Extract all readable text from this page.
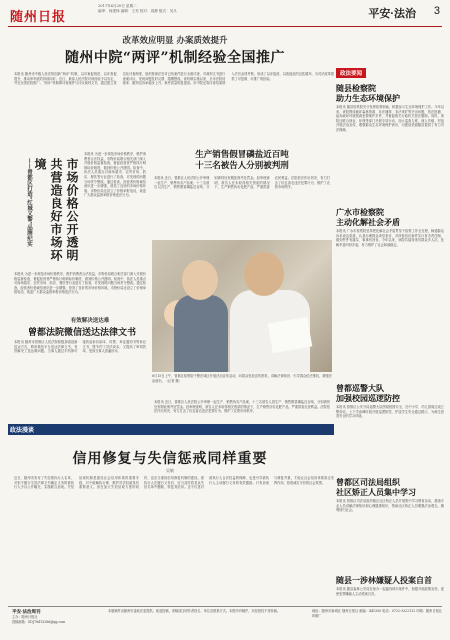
随州日报
2017年6月20日 星期二
编审：尚建林 编辑：王亮 校对：周静 版式：吴凡	平安·法治 3
改革效应明显 办案质效提升
随州中院“两评”机制经验全国推广
本报讯 随州市中级人民法院创新“两评”机制，以评案促规范、以评查促提升，推动审判质效持续向好。近日，最高人民法院对该经验予以肯定，并在全国法院推广。“两评”机制即评查案件与评议裁判文书，通过建立常态化评查制度，组织资深法官对已结案件进行全面评查，对裁判文书进行逐案评议，发现问题及时反馈、限期整改。该机制实施以来，全市法院结案率、服判息诉率稳步上升，案件质量明显提高。市中院还将评查结果纳入法官业绩考核，形成了以评促改、以改促优的良性循环，为司法改革提供了可复制、可推广的经验。
政法要闻
随县检察院
助力生态环境保护
本报讯 随县检察院充分发挥检察职能，积极参与生态环境保护工作。今年以来，该院围绕破坏森林资源、非法捕捞、非法采矿等突出问题，依法批捕、起诉破坏环境资源犯罪案件多件，并督促相关行政机关依法履职。同时，该院还联合林业、环保等部门开展专项行动，加大巡查力度，深入乡镇、村组开展法治宣传，增强群众生态环境保护意识，为建设美丽随县提供了有力司法保障。
广水市检察院
主动化解社会矛盾
本报讯 广水市检察院坚持把化解社会矛盾贯穿于检察工作全过程，畅通群众诉求表达渠道，认真办理群众来信来访，对涉检信访案件实行首办责任制，做到件件有落实、事事有回音。今年以来，该院共接待来访群众多人次，化解矛盾纠纷多起，有力维护了社会和谐稳定。
曾都巡警大队
加强校园巡逻防控
本报讯 曾都区公安分局巡警大队围绕校园安全，在中小学、幼儿园周边设立警务站，上下学高峰时段开展巡逻防控，护送学生安全通过路口，为师生营造安全的学习环境。
曾都区司法局组织
社区矫正人员集中学习
本报讯 曾都区司法局组织辖区社区矫正人员开展集中学习教育活动，邀请专业人员讲解法律知识和心理健康知识，帮助社区矫正人员增强法治观念，顺利回归社会。
随县一涉林嫌疑人投案自首
本报讯 随县森林公安局在侦办一起滥伐林木案件中，积极开展政策宣传，促使犯罪嫌疑人主动投案自首。
——曾都区打造“红城义警”品牌纪实	市场价格公开透明
共营造良好市场环境
本报讯 为进一步规范市场价格秩序，维护消费者合法权益，市物价局联合相关部门深入开展价格监督检查，督促经营者严格执行明码标价制度，做到价格公开透明。检查中，执法人员重点对商场超市、农贸市场、药店、餐饮等行业进行了检查，对发现的问题当场责令整改。通过检查，经营者价格诚信意识进一步增强，营造了良好的市场价格环境。市物价局还设立了价格举报电话，欢迎广大群众监督举报价格违法行为。
本报讯 为进一步规范市场价格秩序，维护消费者合法权益，市物价局联合相关部门深入开展价格监督检查，督促经营者严格执行明码标价制度，做到价格公开透明。检查中，执法人员重点对商场超市、农贸市场、药店、餐饮等行业进行了检查，对发现的问题当场责令整改。通过检查，经营者价格诚信意识进一步增强，营造了良好的市场价格环境。市物价局还设立了价格举报电话，欢迎广大群众监督举报价格违法行为。
生产销售假冒磷盐近百吨
十三名被告人分别被判刑
本报讯 近日，曾都区人民法院公开审理一起生产、销售伪劣产品案，十三名被告人因生产、销售假冒磷盐近百吨，分别被判处有期徒刑并处罚金。经审理查明，被告人在未取得相关资质的情况下，生产销售伪劣化肥产品，严重损害农民利益。法院依法作出判决，有力打击了坑农害农违法犯罪行为，维护了农资市场秩序。
6月15日上午，曾都区检察院干警在城区开展法治宣传活动，向群众发放宣传资料，讲解法律知识，引导群众依法维权，增强法治意识。（记者 摄）
有效解决送达难
曾都法院微信送达法律文书
本报讯 随州市曾都区人民法院积极探索创新送达方式，利用微信平台送达法律文书，有效解决了送达难问题。当事人通过手机即可接收起诉状副本、传票、举证通知书等诉讼文书，既节约了司法成本，又提高了审判效率，受到当事人普遍好评。
本报讯 近日，曾都区人民法院公开审理一起生产、销售伪劣产品案，十三名被告人因生产、销售假冒磷盐近百吨，分别被判处有期徒刑并处罚金。经审理查明，被告人在未取得相关资质的情况下，生产销售伪劣化肥产品，严重损害农民利益。法院依法作出判决，有力打击了坑农害农违法犯罪行为，维护了农资市场秩序。
政法漫谈
信用修复与失信惩戒同样重要
吴敏
近日，随州市发布了失信被执行人名单，对拒不履行生效法律文书确定义务的被执行人予以公开曝光，实施联合惩戒。失信惩戒机制是建设社会信用体系的重要手段，对于破解执行难、维护司法权威具有重要意义。但在加大失信惩戒力度的同时，也应当重视信用修复机制的建设。被执行人在履行义务后，应当及时将其从失信名单中删除，恢复其信用。这不仅是对被执行人合法权益的保障，也是引导被执行人主动履行义务的有效激励。只有惩戒与修复并重，才能让社会信用体系真正发挥作用，营造诚实守信的社会氛围。
平安·法治周刊
主办：随州日报社
投稿邮箱：ZDJ78413286@qq.com
本版稿件由随州市委政法委提供。欢迎投稿，来稿请注明作者姓名、单位及联系方式。本报所刊稿件，未经授权不得转载。	地址：随州市新城区 随州日报社 邮编：441300 电话：0722-3322112 印刷：随州日报社印刷厂
